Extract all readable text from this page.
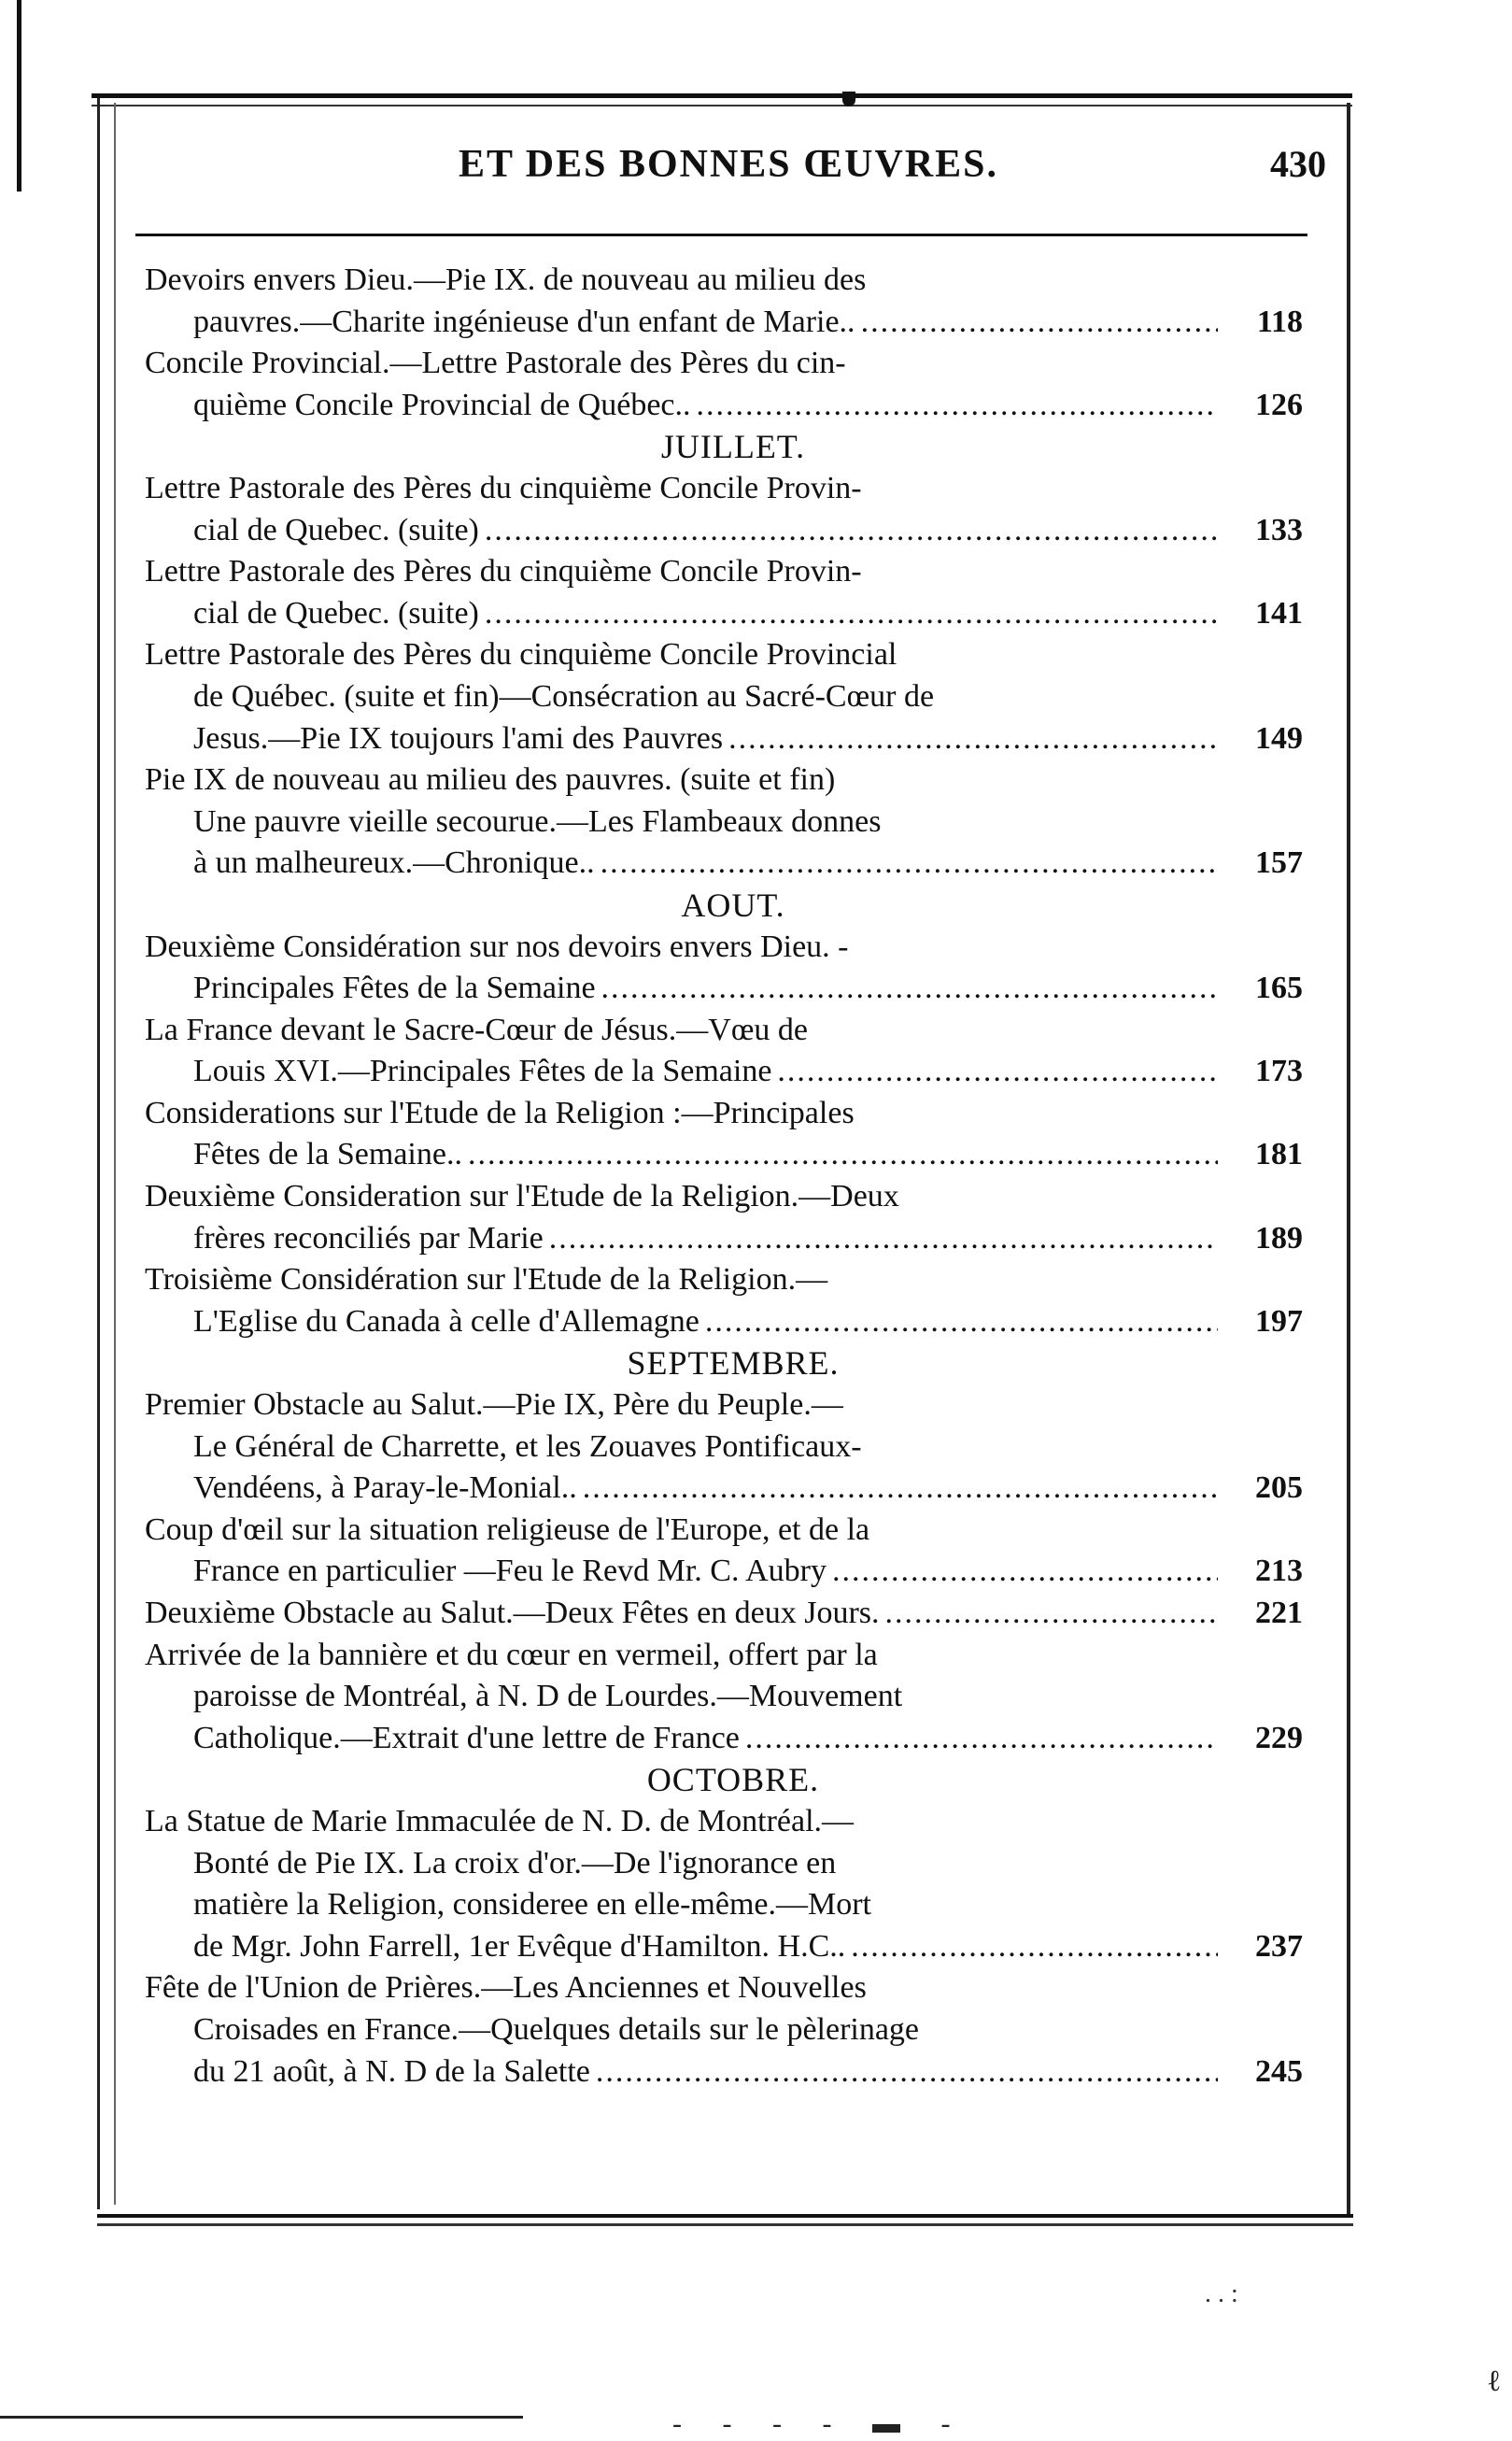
ET DES BONNES ŒUVRES.	430
Devoirs envers Dieu.—Pie IX. de nouveau au milieu des
pauvres.—Charite ingénieuse d'un enfant de Marie.. .....	118
Concile Provincial.—Lettre Pastorale des Pères du cin-
quième Concile Provincial de Québec.. .....	126
JUILLET.
Lettre Pastorale des Pères du cinquième Concile Provin-
cial de Quebec. (suite) .....	133
Lettre Pastorale des Pères du cinquième Concile Provin-
cial de Quebec. (suite) .....	141
Lettre Pastorale des Pères du cinquième Concile Provincial
de Québec. (suite et fin)—Consécration au Sacré-Cœur de
Jesus.—Pie IX toujours l'ami des Pauvres .....	149
Pie IX de nouveau au milieu des pauvres. (suite et fin)
Une pauvre vieille secourue.—Les Flambeaux donnes
à un malheureux.—Chronique.. .....	157
AOUT.
Deuxième Considération sur nos devoirs envers Dieu. -
Principales Fêtes de la Semaine .....	165
La France devant le Sacre-Cœur de Jésus.—Vœu de
Louis XVI.—Principales Fêtes de la Semaine .....	173
Considerations sur l'Etude de la Religion :—Principales
Fêtes de la Semaine.. .....	181
Deuxième Consideration sur l'Etude de la Religion.—Deux
frères reconciliés par Marie .....	189
Troisième Considération sur l'Etude de la Religion.—
L'Eglise du Canada à celle d'Allemagne .....	197
SEPTEMBRE.
Premier Obstacle au Salut.—Pie IX, Père du Peuple.—
Le Général de Charrette, et les Zouaves Pontificaux-
Vendéens, à Paray-le-Monial.. .....	205
Coup d'œil sur la situation religieuse de l'Europe, et de la
France en particulier —Feu le Revd Mr. C. Aubry .....	213
Deuxième Obstacle au Salut.—Deux Fêtes en deux Jours. .....	221
Arrivée de la bannière et du cœur en vermeil, offert par la
paroisse de Montréal, à N. D de Lourdes.—Mouvement
Catholique.—Extrait d'une lettre de France .....	229
OCTOBRE.
La Statue de Marie Immaculée de N. D. de Montréal.—
Bonté de Pie IX. La croix d'or.—De l'ignorance en
matière la Religion, consideree en elle-même.—Mort
de Mgr. John Farrell, 1er Evêque d'Hamilton. H.C.. .....	237
Fête de l'Union de Prières.—Les Anciennes et Nouvelles
Croisades en France.—Quelques details sur le pèlerinage
du 21 août, à N. D de la Salette .....	245
. . :
- - - - ▬ -
ℓ
